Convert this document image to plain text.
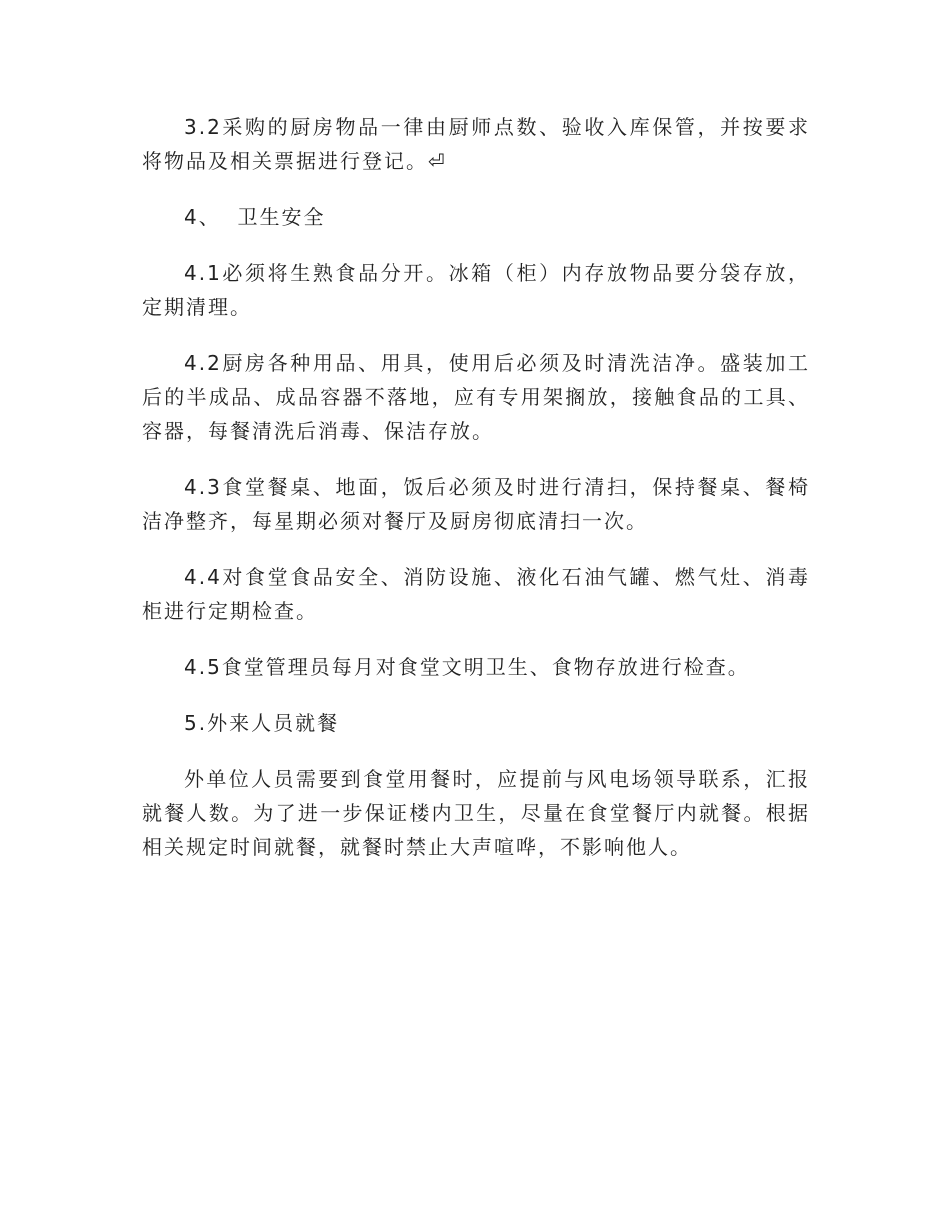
3.2采购的厨房物品一律由厨师点数、验收入库保管，并按要求将物品及相关票据进行登记。⏎

4、  卫生安全

4.1必须将生熟食品分开。冰箱（柜）内存放物品要分袋存放，定期清理。

4.2厨房各种用品、用具，使用后必须及时清洗洁净。盛装加工后的半成品、成品容器不落地，应有专用架搁放，接触食品的工具、容器，每餐清洗后消毒、保洁存放。

4.3食堂餐桌、地面，饭后必须及时进行清扫，保持餐桌、餐椅洁净整齐，每星期必须对餐厅及厨房彻底清扫一次。

4.4对食堂食品安全、消防设施、液化石油气罐、燃气灶、消毒柜进行定期检查。

4.5食堂管理员每月对食堂文明卫生、食物存放进行检查。

5.外来人员就餐

外单位人员需要到食堂用餐时，应提前与风电场领导联系，汇报就餐人数。为了进一步保证楼内卫生，尽量在食堂餐厅内就餐。根据相关规定时间就餐，就餐时禁止大声喧哗，不影响他人。
